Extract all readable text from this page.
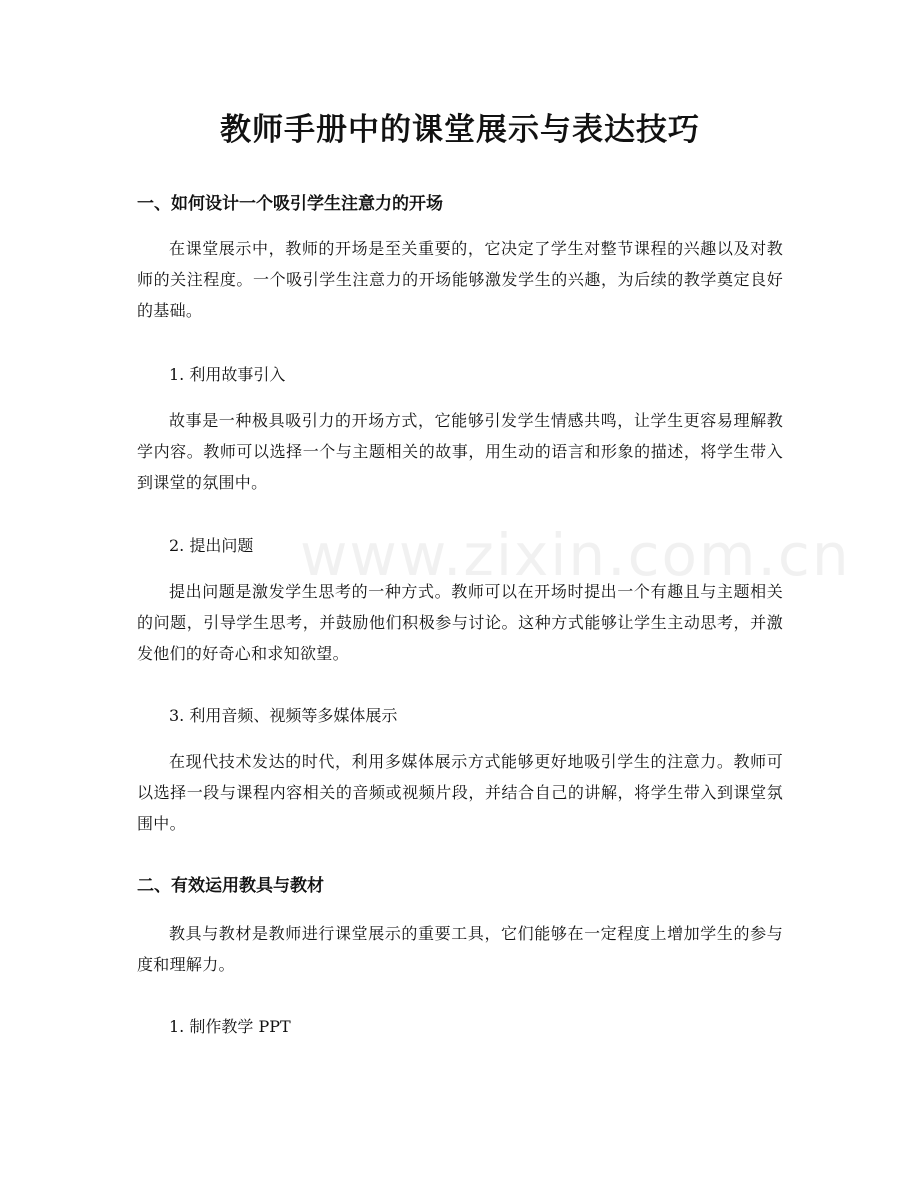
教师手册中的课堂展示与表达技巧
www.zixin.com.cn
一、如何设计一个吸引学生注意力的开场

在课堂展示中，教师的开场是至关重要的，它决定了学生对整节课程的兴趣以及对教师的关注程度。一个吸引学生注意力的开场能够激发学生的兴趣，为后续的教学奠定良好的基础。

1. 利用故事引入

故事是一种极具吸引力的开场方式，它能够引发学生情感共鸣，让学生更容易理解教学内容。教师可以选择一个与主题相关的故事，用生动的语言和形象的描述，将学生带入到课堂的氛围中。

2. 提出问题

提出问题是激发学生思考的一种方式。教师可以在开场时提出一个有趣且与主题相关的问题，引导学生思考，并鼓励他们积极参与讨论。这种方式能够让学生主动思考，并激发他们的好奇心和求知欲望。

3. 利用音频、视频等多媒体展示

在现代技术发达的时代，利用多媒体展示方式能够更好地吸引学生的注意力。教师可以选择一段与课程内容相关的音频或视频片段，并结合自己的讲解，将学生带入到课堂氛围中。

二、有效运用教具与教材

教具与教材是教师进行课堂展示的重要工具，它们能够在一定程度上增加学生的参与度和理解力。

1. 制作教学 PPT
